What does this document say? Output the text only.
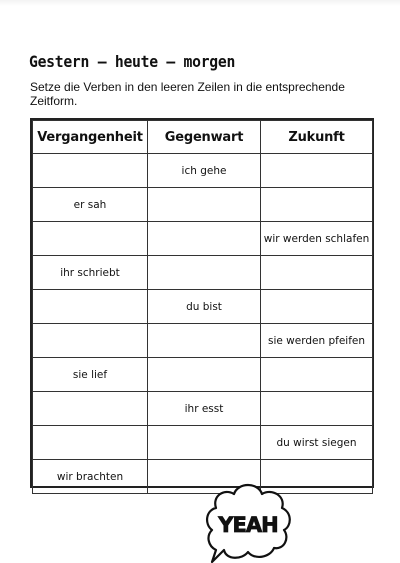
Gestern – heute – morgen
Setze die Verben in den leeren Zeilen in die entsprechende Zeitform.
Vergangenheit	Gegenwart	Zukunft
	ich gehe	
er sah		
		wir werden schlafen
ihr schriebt		
	du bist	
		sie werden pfeifen
sie lief		
	ihr esst	
		du wirst siegen
wir brachten		
YEAH
